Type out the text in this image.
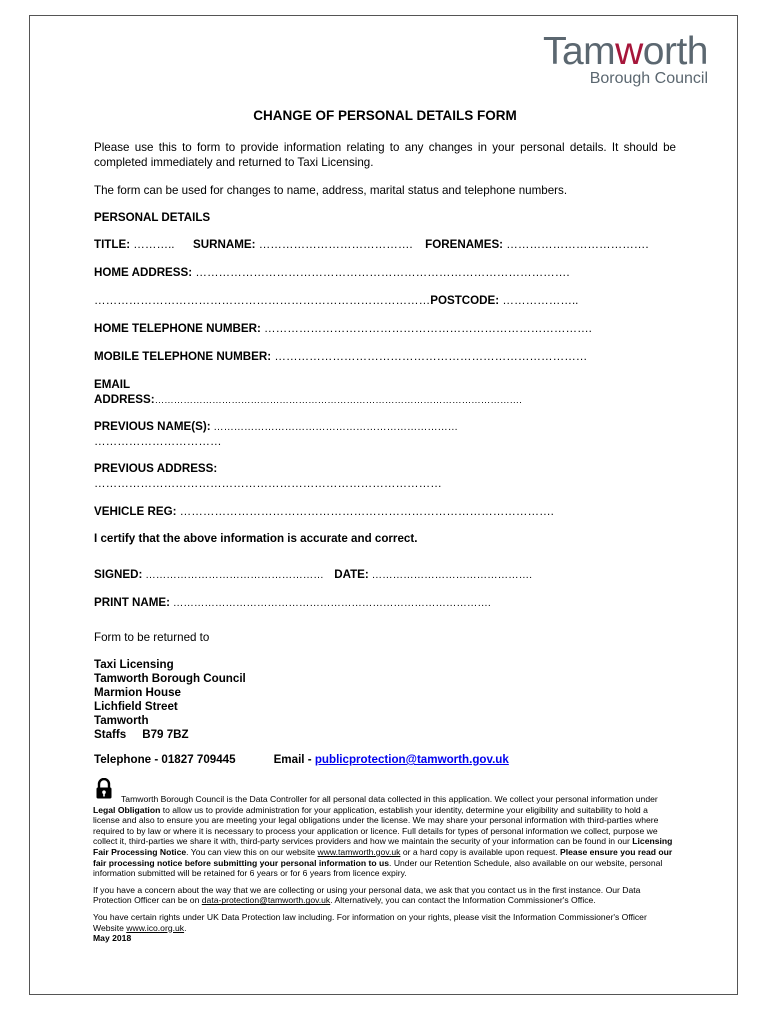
Tamworth
Borough Council
CHANGE OF PERSONAL DETAILS FORM

Please use this to form to provide information relating to any changes in your personal details. It should be completed immediately and returned to Taxi Licensing.

The form can be used for changes to name, address, marital status and telephone numbers.

PERSONAL DETAILS
TITLE: ……….. SURNAME: …………………………………. FORENAMES: ……………………………….
HOME ADDRESS: …………………………………………………………………………………….
……………………………………………………………………………POSTCODE: ………………..
HOME TELEPHONE NUMBER: ………………………………………………………………………….
MOBILE TELEPHONE NUMBER: ………………………………………………………………………
EMAIL
ADDRESS:…………………………………………………………………………………………………….
PREVIOUS NAME(S): ………………………………………………………………
……………………………
PREVIOUS ADDRESS:
………………………………………………………………………………
VEHICLE REG: …………………………………………………………………………………….
I certify that the above information is accurate and correct.
SIGNED: …………………………………………… DATE: ……………………………………….
PRINT NAME: ……………………………………………………………………………….

Form to be returned to

Taxi Licensing
Tamworth Borough Council
Marmion House
Lichfield Street
Tamworth
Staffs B79 7BZ
Telephone - 01827 709445	Email - publicprotection@tamworth.gov.uk

Tamworth Borough Council is the Data Controller for all personal data collected in this application. We collect your personal information under Legal Obligation to allow us to provide administration for your application, establish your identity, determine your eligibility and suitability to hold a license and also to ensure you are meeting your legal obligations under the license. We may share your personal information with third-parties where required to by law or where it is necessary to process your application or licence. Full details for types of personal information we collect, purpose we collect it, third-parties we share it with, third-party services providers and how we maintain the security of your information can be found in our Licensing Fair Processing Notice. You can view this on our website www.tamworth.gov.uk or a hard copy is available upon request. Please ensure you read our fair processing notice before submitting your personal information to us. Under our Retention Schedule, also available on our website, personal information submitted will be retained for 6 years or for 6 years from licence expiry.

If you have a concern about the way that we are collecting or using your personal data, we ask that you contact us in the first instance. Our Data Protection Officer can be on data-protection@tamworth.gov.uk. Alternatively, you can contact the Information Commissioner's Office.

You have certain rights under UK Data Protection law including. For information on your rights, please visit the Information Commissioner's Officer Website www.ico.org.uk.

May 2018
